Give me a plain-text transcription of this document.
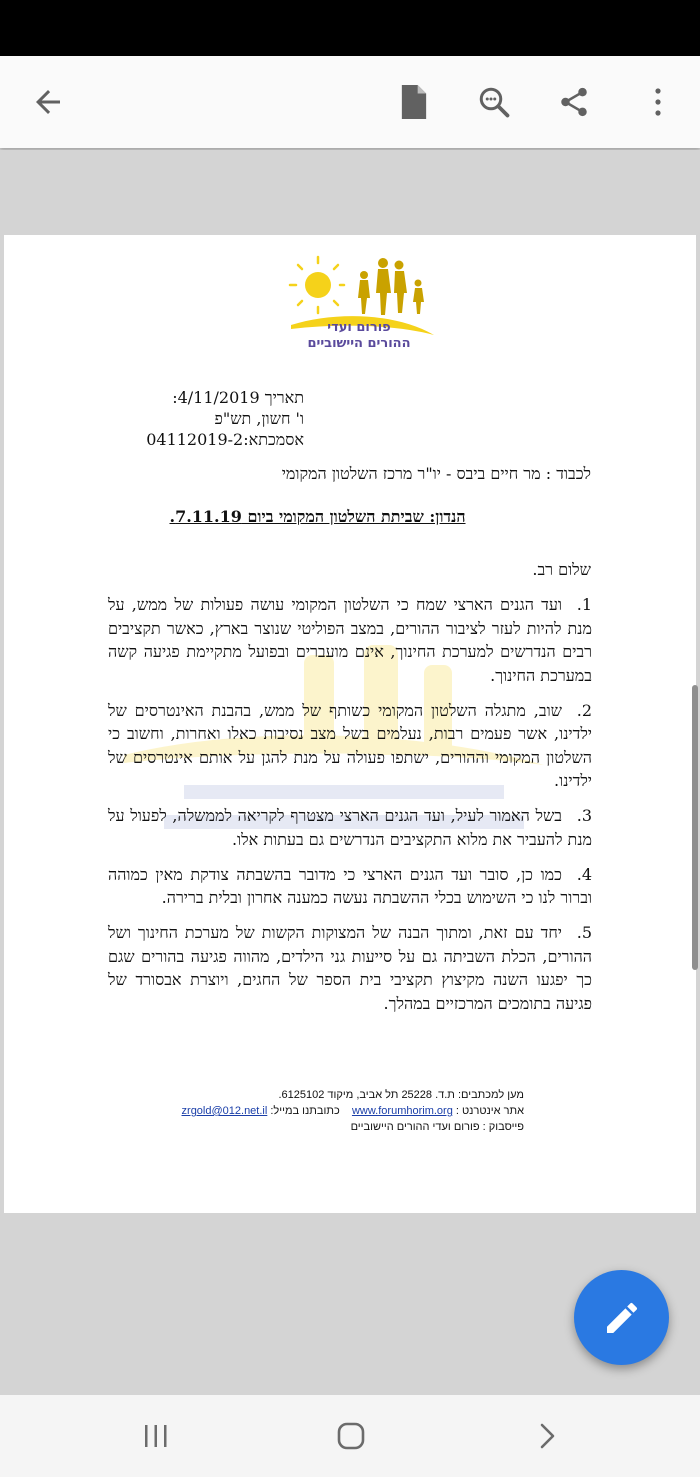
פורום ועדי
ההורים היישוביים
תאריך 4/11/2019:
ו' חשון, תש"פ
אסמכתא:04112019-2
לכבוד : מר חיים ביבס - יו"ר מרכז השלטון המקומי
הנדון: שביתת השלטון המקומי ביום 7.11.19.
שלום רב.

1.ועד הגנים הארצי שמח כי השלטון המקומי עושה פעולות של ממש, על מנת להיות לעזר לציבור ההורים, במצב הפוליטי שנוצר בארץ, כאשר תקציבים רבים הנדרשים למערכת החינוך, אינם מועברים ובפועל מתקיימת פגיעה קשה במערכת החינוך.

2.שוב, מתגלה השלטון המקומי כשותף של ממש, בהבנת האינטרסים של ילדינו, אשר פעמים רבות, נעלמים בשל מצב נסיבות כאלו ואחרות, וחשוב כי השלטון המקומי וההורים, ישתפו פעולה על מנת להגן על אותם אינטרסים של ילדינו.

3.בשל האמור לעיל, ועד הגנים הארצי מצטרף לקריאה לממשלה, לפעול על מנת להעביר את מלוא התקציבים הנדרשים גם בעתות אלו.

4.כמו כן, סובר ועד הגנים הארצי כי מדובר בהשבתה צודקת מאין כמוהה וברור לנו כי השימוש בכלי ההשבתה נעשה כמענה אחרון ובלית ברירה.

5.יחד עם זאת, ומתוך הבנה של המצוקות הקשות של מערכת החינוך ושל ההורים, הכלת השביתה גם על סייעות גני הילדים, מהווה פגיעה בהורים שגם כך יפגעו השנה מקיצוץ תקציבי בית הספר של החגים, ויוצרת אבסורד של פגיעה בתומכים המרכזיים במהלך.

מען למכתבים: ת.ד. 25228 תל אביב, מיקוד 6125102.
אתר אינטרנט : www.forumhorim.org    כתובתנו במייל: zrgold@012.net.il
פייסבוק : פורום ועדי ההורים היישוביים
